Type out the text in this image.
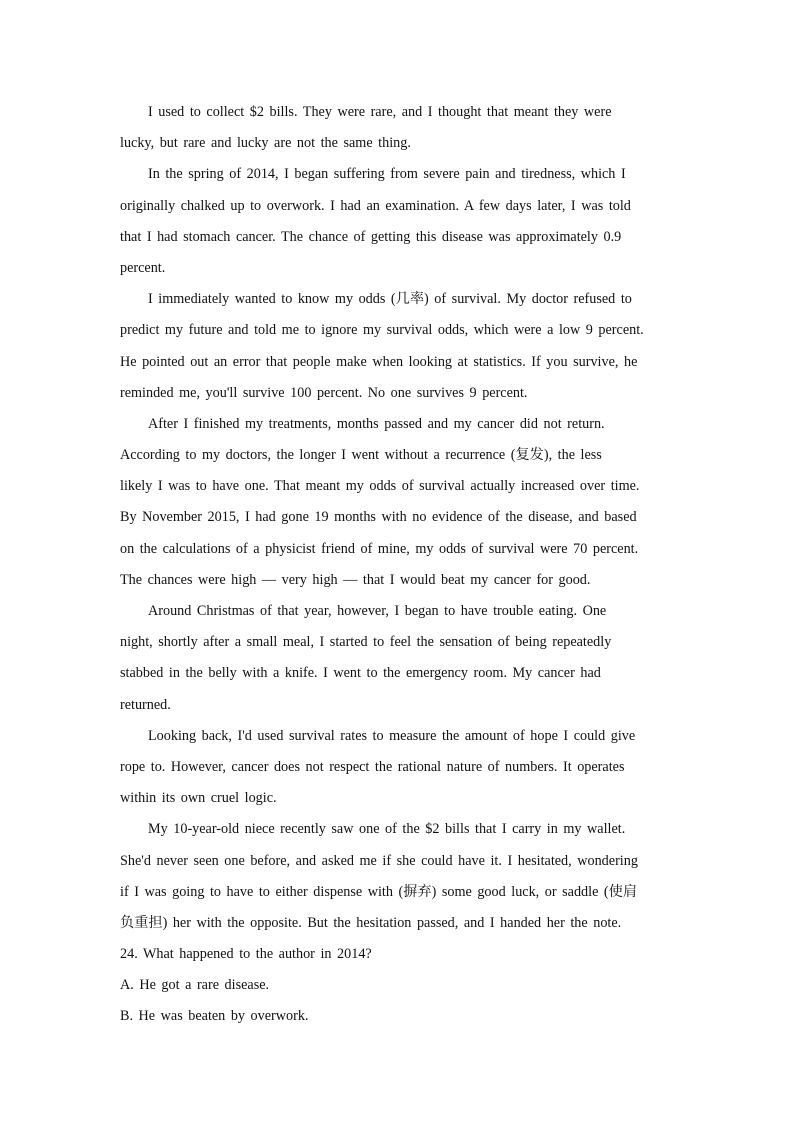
I used to collect $2 bills. They were rare, and I thought that meant they were
lucky, but rare and lucky are not the same thing.
In the spring of 2014, I began suffering from severe pain and tiredness, which I
originally chalked up to overwork. I had an examination. A few days later, I was told
that I had stomach cancer. The chance of getting this disease was approximately 0.9
percent.
I immediately wanted to know my odds (几率) of survival. My doctor refused to
predict my future and told me to ignore my survival odds, which were a low 9 percent.
He pointed out an error that people make when looking at statistics. If you survive, he
reminded me, you'll survive 100 percent. No one survives 9 percent.
After I finished my treatments, months passed and my cancer did not return.
According to my doctors, the longer I went without a recurrence (复发), the less
likely I was to have one. That meant my odds of survival actually increased over time.
By November 2015, I had gone 19 months with no evidence of the disease, and based
on the calculations of a physicist friend of mine, my odds of survival were 70 percent.
The chances were high — very high — that I would beat my cancer for good.
Around Christmas of that year, however, I began to have trouble eating. One
night, shortly after a small meal, I started to feel the sensation of being repeatedly
stabbed in the belly with a knife. I went to the emergency room. My cancer had
returned.
Looking back, I'd used survival rates to measure the amount of hope I could give
rope to. However, cancer does not respect the rational nature of numbers. It operates
within its own cruel logic.
My 10-year-old niece recently saw one of the $2 bills that I carry in my wallet.
She'd never seen one before, and asked me if she could have it. I hesitated, wondering
if I was going to have to either dispense with (摒弃) some good luck, or saddle (使肩
负重担) her with the opposite. But the hesitation passed, and I handed her the note.
24. What happened to the author in 2014?
A. He got a rare disease.
B. He was beaten by overwork.
